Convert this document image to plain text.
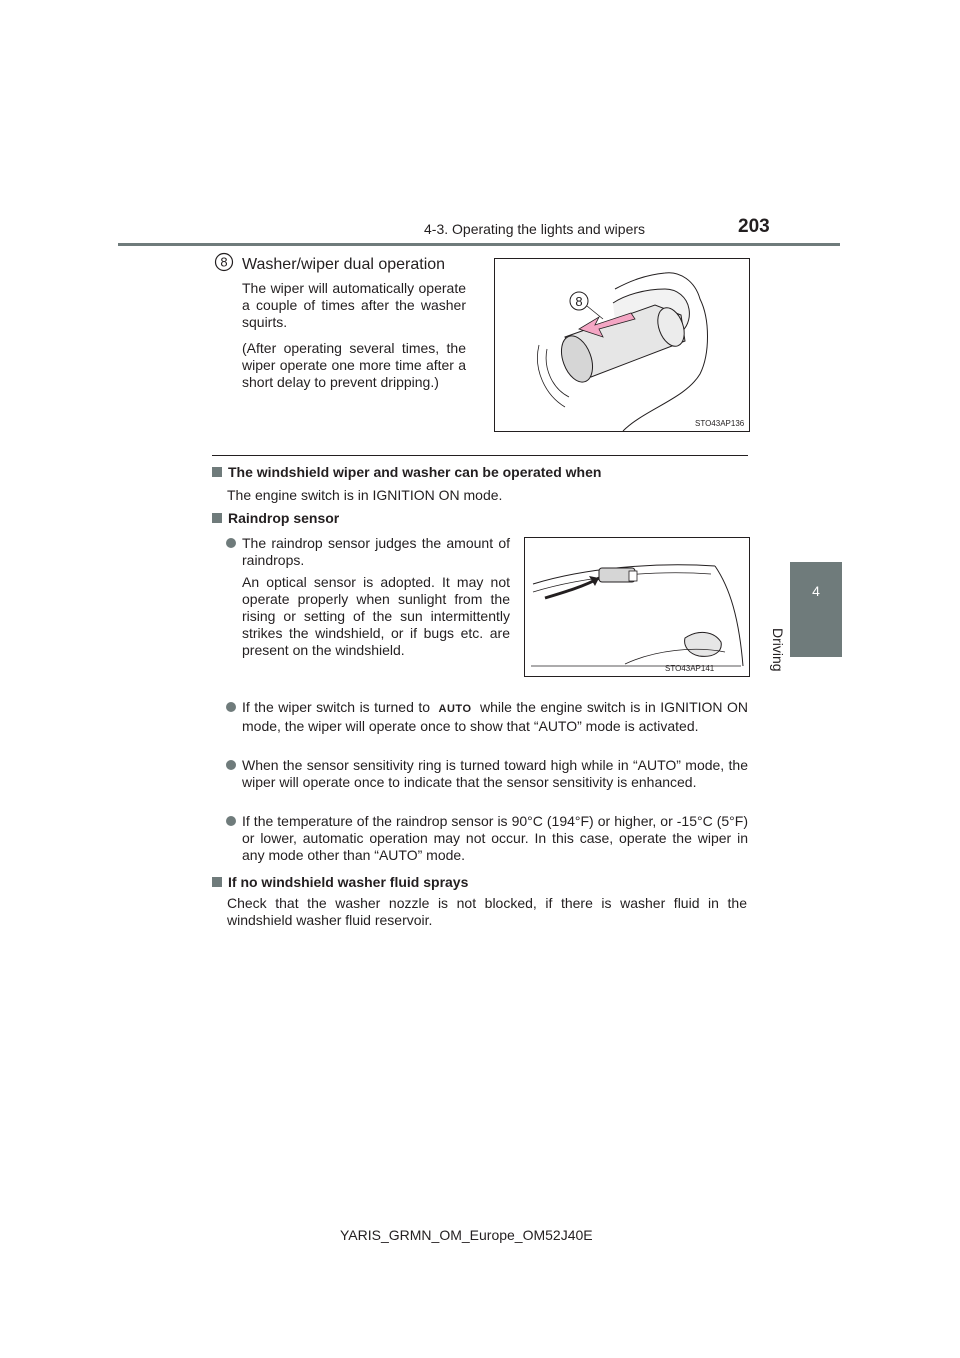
4-3. Operating the lights and wipers	203
4
Driving
8 Washer/wiper dual operation
The wiper will automatically operate a couple of times after the washer squirts.
(After operating several times, the wiper operate one more time after a short delay to prevent dripping.)
8
STO43AP136
The windshield wiper and washer can be operated when
The engine switch is in IGNITION ON mode.
Raindrop sensor
The raindrop sensor judges the amount of raindrops.
An optical sensor is adopted. It may not operate properly when sunlight from the rising or setting of the sun intermittently strikes the windshield, or if bugs etc. are present on the windshield.
STO43AP141
If the wiper switch is turned to AUTO while the engine switch is in IGNITION ON mode, the wiper will operate once to show that “AUTO” mode is activated.
When the sensor sensitivity ring is turned toward high while in “AUTO” mode, the wiper will operate once to indicate that the sensor sensitivity is enhanced.
If the temperature of the raindrop sensor is 90°C (194°F) or higher, or -15°C (5°F) or lower, automatic operation may not occur. In this case, operate the wiper in any mode other than “AUTO” mode.
If no windshield washer fluid sprays
Check that the washer nozzle is not blocked, if there is washer fluid in the windshield washer fluid reservoir.
YARIS_GRMN_OM_Europe_OM52J40E
